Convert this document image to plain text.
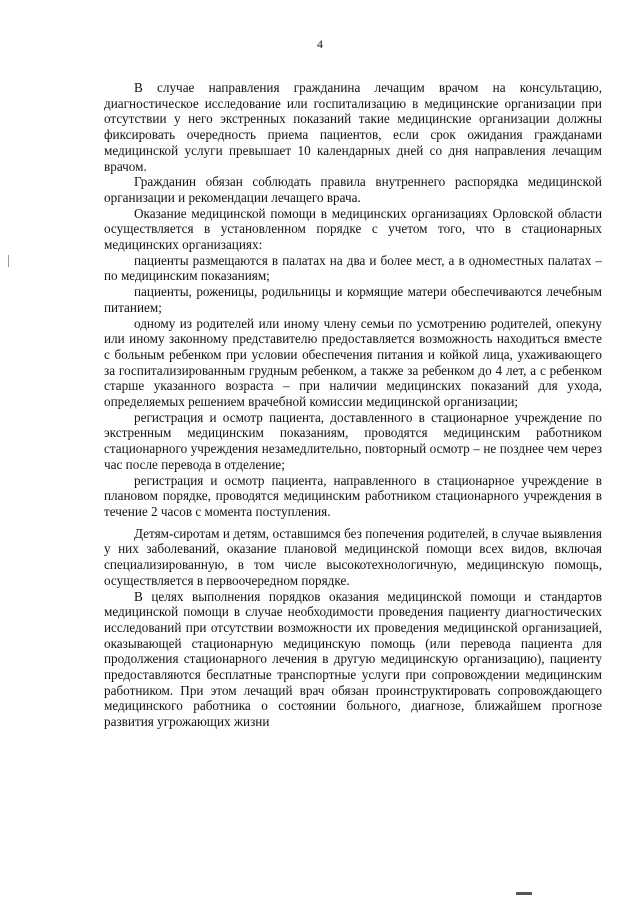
4

В случае направления гражданина лечащим врачом на консультацию, диагностическое исследование или госпитализацию в медицинские организации при отсутствии у него экстренных показаний такие медицинские организации должны фиксировать очередность приема пациентов, если срок ожидания гражданами медицинской услуги превышает 10 календарных дней со дня направления лечащим врачом.

Гражданин обязан соблюдать правила внутреннего распорядка медицинской организации и рекомендации лечащего врача.

Оказание медицинской помощи в медицинских организациях Орловской области осуществляется в установленном порядке с учетом того, что в стационарных медицинских организациях:

пациенты размещаются в палатах на два и более мест, а в одноместных палатах – по медицинским показаниям;

пациенты, роженицы, родильницы и кормящие матери обеспечиваются лечебным питанием;

одному из родителей или иному члену семьи по усмотрению родителей, опекуну или иному законному представителю предоставляется возможность находиться вместе с больным ребенком при условии обеспечения питания и койкой лица, ухаживающего за госпитализированным грудным ребенком, а также за ребенком до 4 лет, а с ребенком старше указанного возраста – при наличии медицинских показаний для ухода, определяемых решением врачебной комиссии медицинской организации;

регистрация и осмотр пациента, доставленного в стационарное учреждение по экстренным медицинским показаниям, проводятся медицинским работником стационарного учреждения незамедлительно, повторный осмотр – не позднее чем через час после перевода в отделение;

регистрация и осмотр пациента, направленного в стационарное учреждение в плановом порядке, проводятся медицинским работником стационарного учреждения в течение 2 часов с момента поступления.

Детям-сиротам и детям, оставшимся без попечения родителей, в случае выявления у них заболеваний, оказание плановой медицинской помощи всех видов, включая специализированную, в том числе высокотехнологичную, медицинскую помощь, осуществляется в первоочередном порядке.

В целях выполнения порядков оказания медицинской помощи и стандартов медицинской помощи в случае необходимости проведения пациенту диагностических исследований при отсутствии возможности их проведения медицинской организацией, оказывающей стационарную медицинскую помощь (или перевода пациента для продолжения стационарного лечения в другую медицинскую организацию), пациенту предоставляются бесплатные транспортные услуги при сопровождении медицинским работником. При этом лечащий врач обязан проинструктировать сопровождающего медицинского работника о состоянии больного, диагнозе, ближайшем прогнозе развития угрожающих жизни
